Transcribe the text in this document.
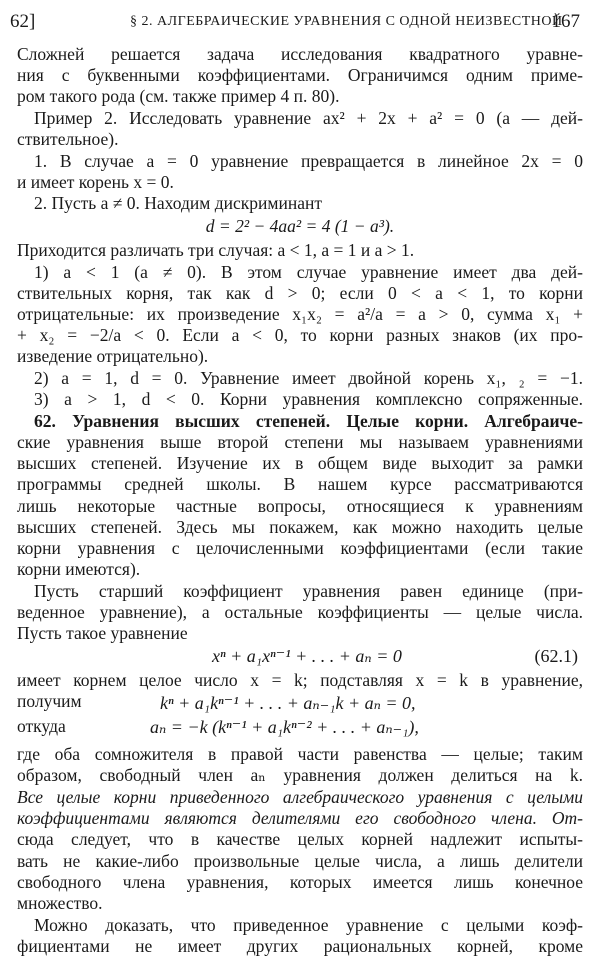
62]	§ 2. АЛГЕБРАИЧЕСКИЕ УРАВНЕНИЯ С ОДНОЙ НЕИЗВЕСТНОЙ
167
Сложней решается задача исследования квадратного уравне-
ния с буквенными коэффициентами. Ограничимся одним приме-
ром такого рода (см. также пример 4 п. 80).
Пример 2. Исследовать уравнение ax² + 2x + a² = 0 (a — дей-
ствительное).
1. В случае a = 0 уравнение превращается в линейное 2x = 0
и имеет корень x = 0.
2. Пусть a ≠ 0. Находим дискриминант
d = 2² − 4aa² = 4 (1 − a³).
Приходится различать три случая: a < 1, a = 1 и a > 1.
1) a < 1 (a ≠ 0). В этом случае уравнение имеет два дей-
ствительных корня, так как d > 0; если 0 < a < 1, то корни
отрицательные: их произведение x₁x₂ = a²/a = a > 0, сумма x₁ +
+ x₂ = −2/a < 0. Если a < 0, то корни разных знаков (их про-
изведение отрицательно).
2) a = 1, d = 0. Уравнение имеет двойной корень x₁, ₂ = −1.
3) a > 1, d < 0. Корни уравнения комплексно сопряженные.
62. Уравнения высших степеней. Целые корни. Алгебраиче-
ские уравнения выше второй степени мы называем уравнениями
высших степеней. Изучение их в общем виде выходит за рамки
программы средней школы. В нашем курсе рассматриваются
лишь некоторые частные вопросы, относящиеся к уравнениям
высших степеней. Здесь мы покажем, как можно находить целые
корни уравнения с целочисленными коэффициентами (если такие
корни имеются).
Пусть старший коэффициент уравнения равен единице (при-
веденное уравнение), а остальные коэффициенты — целые числа.
Пусть такое уравнение
xⁿ + a₁xⁿ⁻¹ + . . . + aₙ = 0	(62.1)
имеет корнем целое число x = k; подставляя x = k в уравнение,
получим	kⁿ + a₁kⁿ⁻¹ + . . . + aₙ₋₁k + aₙ = 0,
откуда	aₙ = −k (kⁿ⁻¹ + a₁kⁿ⁻² + . . . + aₙ₋₁),
где оба сомножителя в правой части равенства — целые; таким
образом, свободный член aₙ уравнения должен делиться на k.
Все целые корни приведенного алгебраического уравнения с целыми
коэффициентами являются делителями его свободного члена. От-
сюда следует, что в качестве целых корней надлежит испыты-
вать не какие-либо произвольные целые числа, а лишь делители
свободного члена уравнения, которых имеется лишь конечное
множество.
Можно доказать, что приведенное уравнение с целыми коэф-
фициентами не имеет других рациональных корней, кроме
